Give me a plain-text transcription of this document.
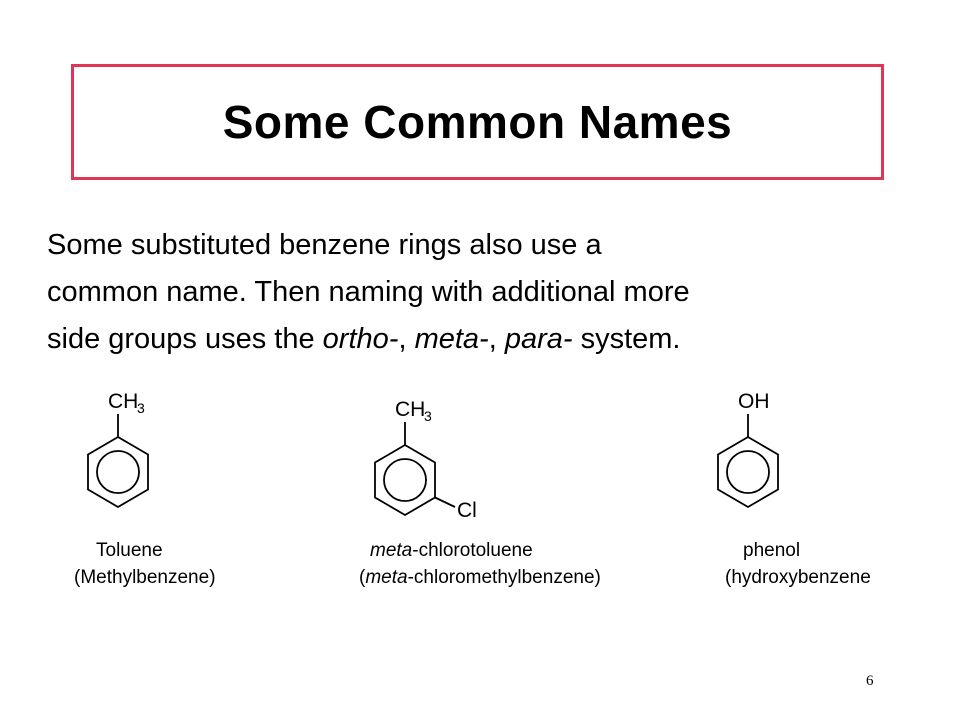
Some Common Names

Some substituted benzene rings also use a

common name. Then naming with additional more

side groups uses the ortho-, meta-, para- system.

CH
3
Toluene
(Methylbenzene)
CH
3
Cl
meta-chlorotoluene
(meta-chloromethylbenzene)
OH
phenol
(hydroxybenzene
6
